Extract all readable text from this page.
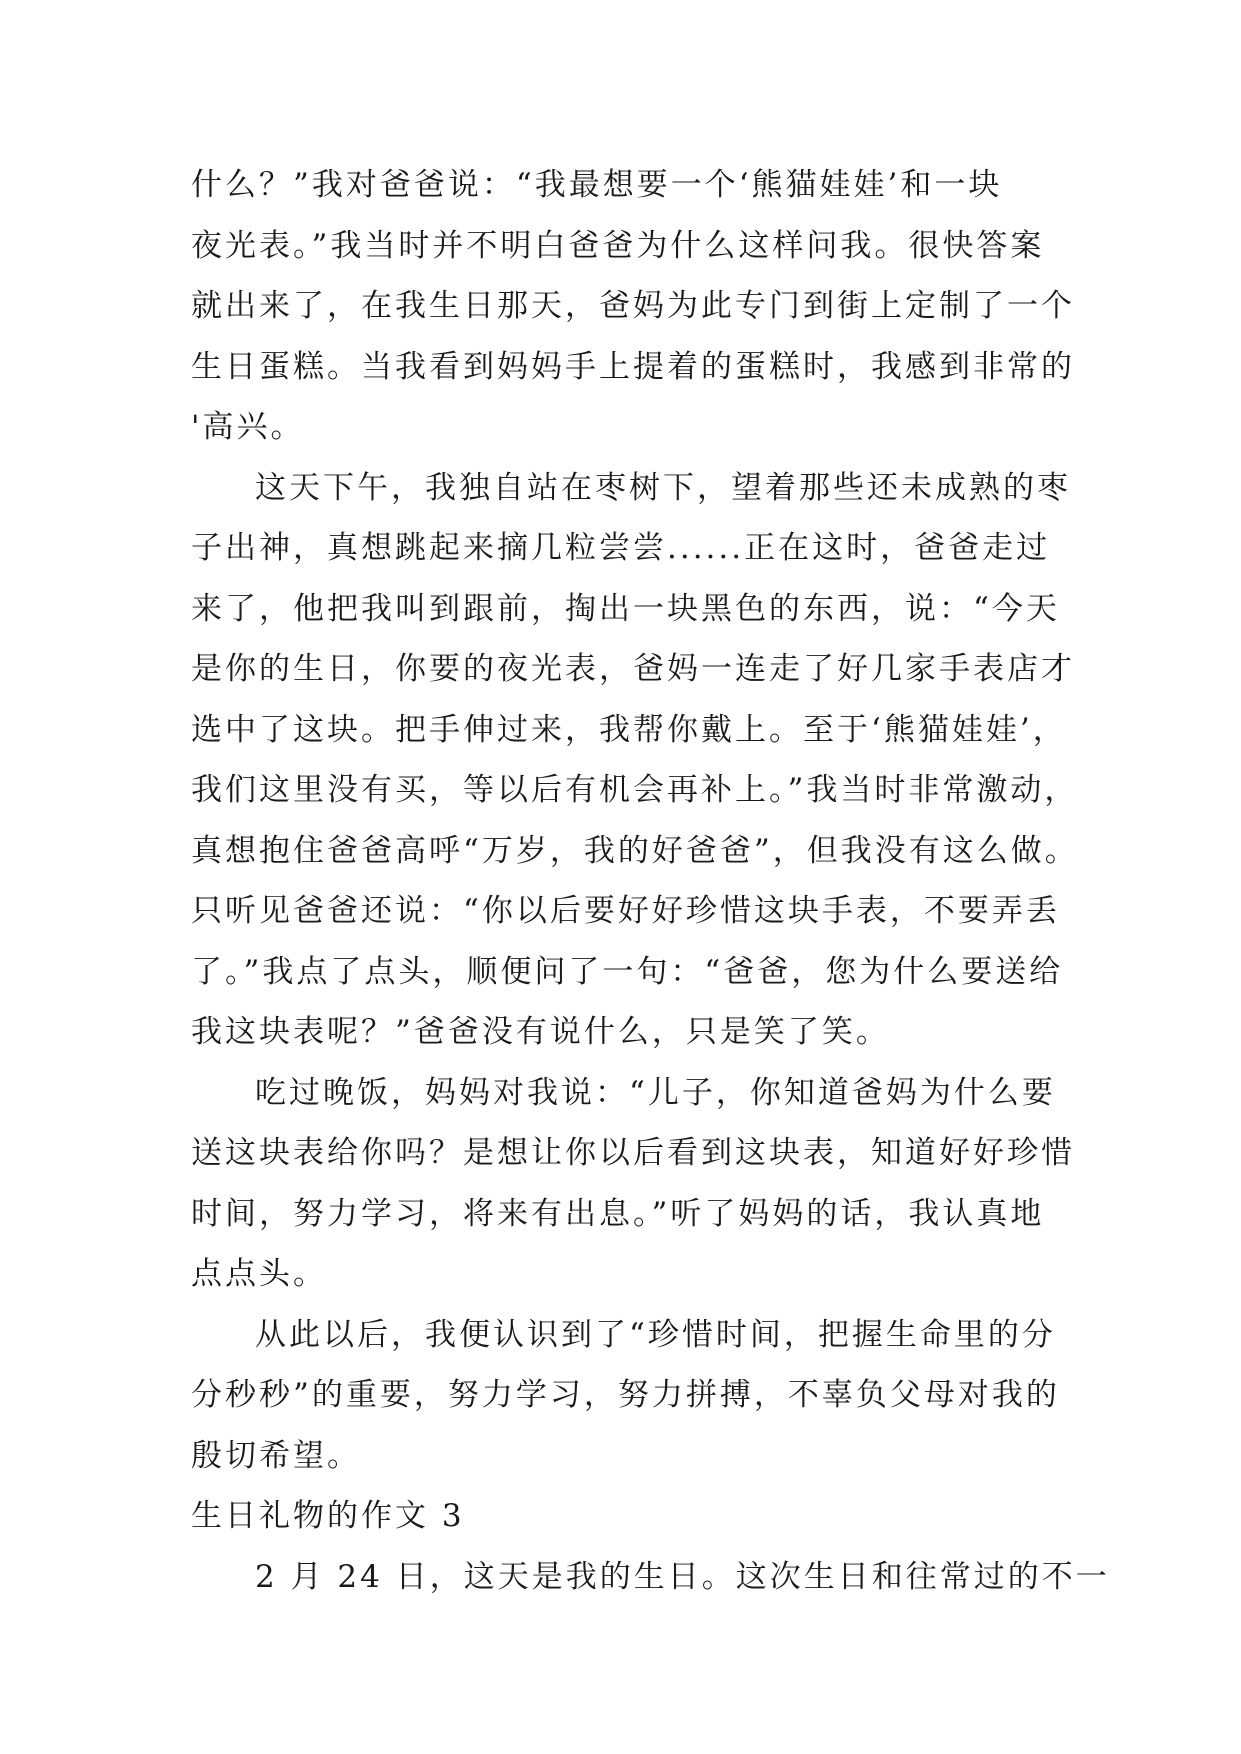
什么？”我对爸爸说：“我最想要一个‘熊猫娃娃’和一块
夜光表。”我当时并不明白爸爸为什么这样问我。很快答案
就出来了，在我生日那天，爸妈为此专门到街上定制了一个
生日蛋糕。当我看到妈妈手上提着的蛋糕时，我感到非常的
'高兴。
这天下午，我独自站在枣树下，望着那些还未成熟的枣
子出神，真想跳起来摘几粒尝尝......正在这时，爸爸走过
来了，他把我叫到跟前，掏出一块黑色的东西，说：“今天
是你的生日，你要的夜光表，爸妈一连走了好几家手表店才
选中了这块。把手伸过来，我帮你戴上。至于‘熊猫娃娃’，
我们这里没有买，等以后有机会再补上。”我当时非常激动，
真想抱住爸爸高呼“万岁，我的好爸爸”，但我没有这么做。
只听见爸爸还说：“你以后要好好珍惜这块手表，不要弄丢
了。”我点了点头，顺便问了一句：“爸爸，您为什么要送给
我这块表呢？”爸爸没有说什么，只是笑了笑。
吃过晚饭，妈妈对我说：“儿子，你知道爸妈为什么要
送这块表给你吗？是想让你以后看到这块表，知道好好珍惜
时间，努力学习，将来有出息。”听了妈妈的话，我认真地
点点头。
从此以后，我便认识到了“珍惜时间，把握生命里的分
分秒秒”的重要，努力学习，努力拼搏，不辜负父母对我的
殷切希望。
生日礼物的作文 3
2 月 24 日，这天是我的生日。这次生日和往常过的不一
